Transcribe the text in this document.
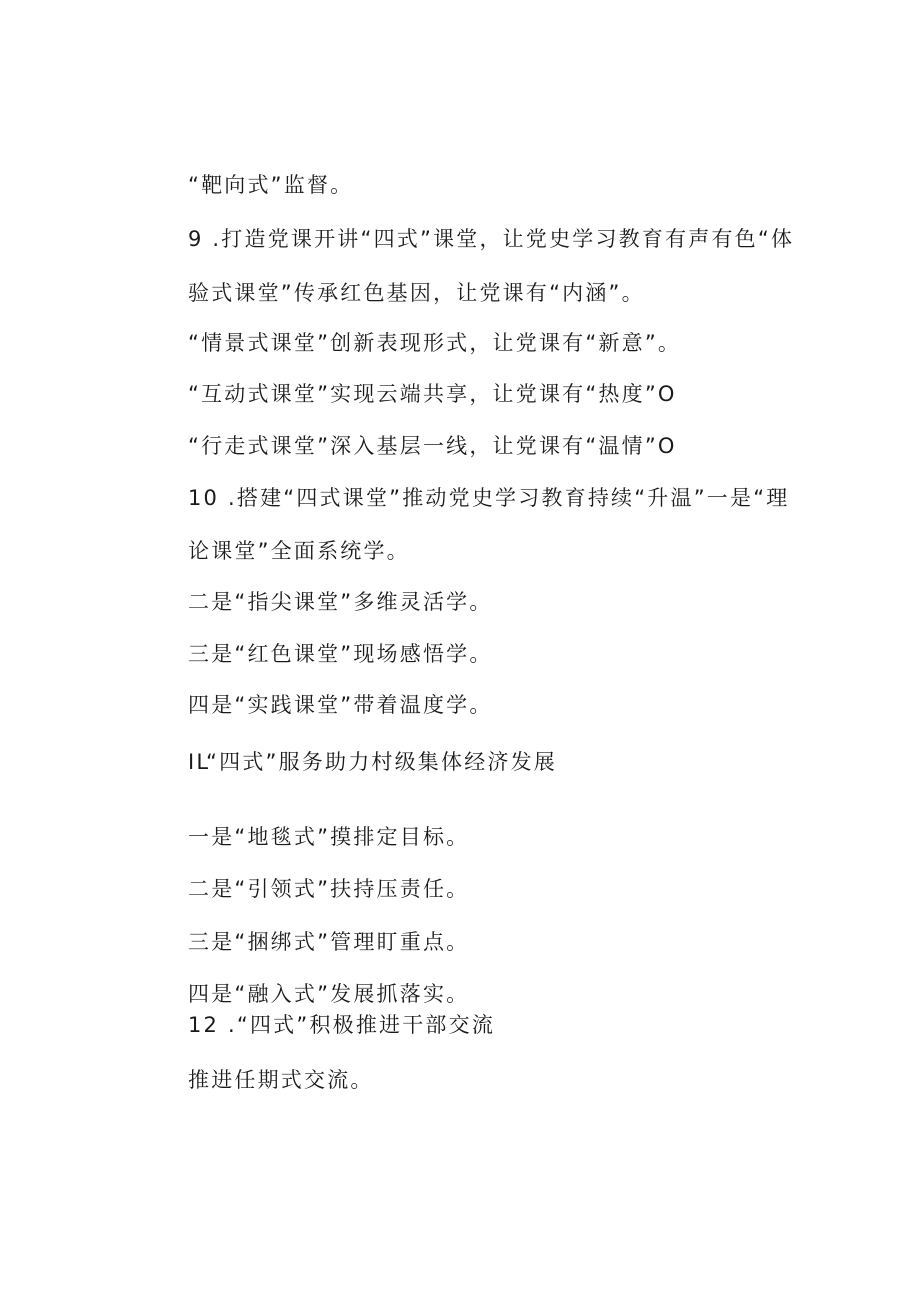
“靶向式”监督。
9 .打造党课开讲“四式”课堂，让党史学习教育有声有色“体
验式课堂”传承红色基因，让党课有“内涵”。
“情景式课堂”创新表现形式，让党课有“新意”。
“互动式课堂”实现云端共享，让党课有“热度”O
“行走式课堂”深入基层一线，让党课有“温情”O
10 .搭建“四式课堂”推动党史学习教育持续“升温”一是“理
论课堂”全面系统学。
二是“指尖课堂”多维灵活学。
三是“红色课堂”现场感悟学。
四是“实践课堂”带着温度学。
IL“四式”服务助力村级集体经济发展
一是“地毯式”摸排定目标。
二是“引领式”扶持压责任。
三是“捆绑式”管理盯重点。
四是“融入式”发展抓落实。
12 .“四式”积极推进干部交流
推进任期式交流。
